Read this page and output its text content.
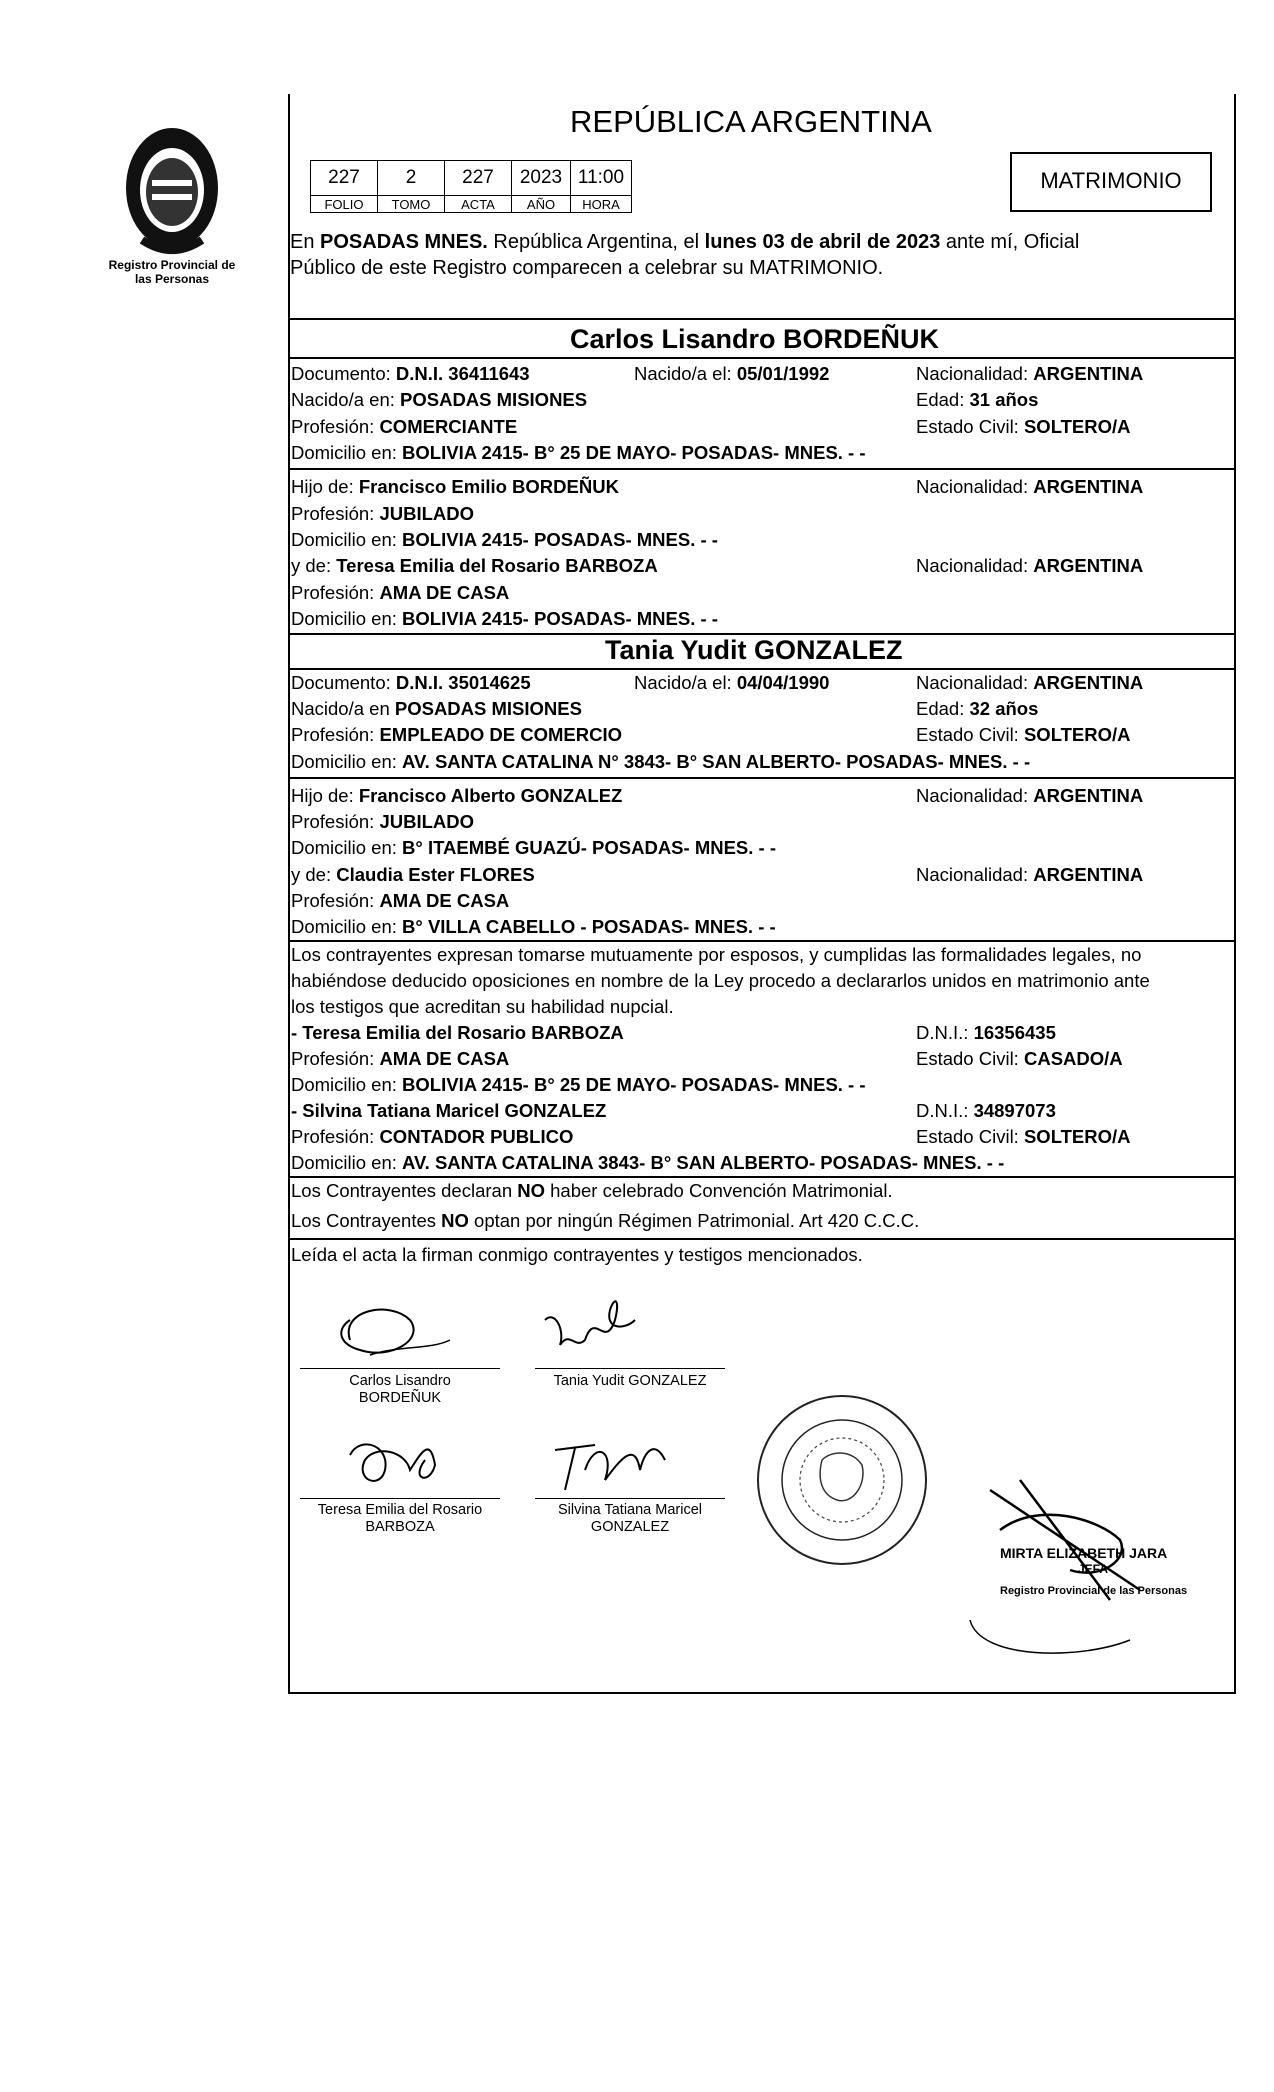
Registro Provincial de las Personas
REPÚBLICA ARGENTINA
227	2	227	2023	11:00
FOLIO	TOMO	ACTA	AÑO	HORA
MATRIMONIO
En POSADAS MNES. República Argentina, el lunes 03 de abril de 2023 ante mí, Oficial
Público de este Registro comparecen a celebrar su MATRIMONIO.
Carlos Lisandro BORDEÑUK
Documento: D.N.I. 36411643	Nacido/a el: 05/01/1992	Nacionalidad: ARGENTINA
Nacido/a en: POSADAS MISIONES	Edad: 31 años
Profesión: COMERCIANTE	Estado Civil: SOLTERO/A
Domicilio en: BOLIVIA 2415- B° 25 DE MAYO- POSADAS- MNES. - -
Hijo de: Francisco Emilio BORDEÑUK	Nacionalidad: ARGENTINA
Profesión: JUBILADO
Domicilio en: BOLIVIA 2415- POSADAS- MNES. - -
y de: Teresa Emilia del Rosario BARBOZA	Nacionalidad: ARGENTINA
Profesión: AMA DE CASA
Domicilio en: BOLIVIA 2415- POSADAS- MNES. - -
Tania Yudit GONZALEZ
Documento: D.N.I. 35014625	Nacido/a el: 04/04/1990	Nacionalidad: ARGENTINA
Nacido/a en POSADAS MISIONES	Edad: 32 años
Profesión: EMPLEADO DE COMERCIO	Estado Civil: SOLTERO/A
Domicilio en: AV. SANTA CATALINA N° 3843- B° SAN ALBERTO- POSADAS- MNES. - -
Hijo de: Francisco Alberto GONZALEZ	Nacionalidad: ARGENTINA
Profesión: JUBILADO
Domicilio en: B° ITAEMBÉ GUAZÚ- POSADAS- MNES. - -
y de: Claudia Ester FLORES	Nacionalidad: ARGENTINA
Profesión: AMA DE CASA
Domicilio en: B° VILLA CABELLO - POSADAS- MNES. - -
Los contrayentes expresan tomarse mutuamente por esposos, y cumplidas las formalidades legales, no
habiéndose deducido oposiciones en nombre de la Ley procedo a declararlos unidos en matrimonio ante
los testigos que acreditan su habilidad nupcial.
- Teresa Emilia del Rosario BARBOZA	D.N.I.: 16356435
Profesión: AMA DE CASA	Estado Civil: CASADO/A
Domicilio en: BOLIVIA 2415- B° 25 DE MAYO- POSADAS- MNES. - -
- Silvina Tatiana Maricel GONZALEZ	D.N.I.: 34897073
Profesión: CONTADOR PUBLICO	Estado Civil: SOLTERO/A
Domicilio en: AV. SANTA CATALINA 3843- B° SAN ALBERTO- POSADAS- MNES. - -
Los Contrayentes declaran NO haber celebrado Convención Matrimonial.
Los Contrayentes NO optan por ningún Régimen Patrimonial. Art 420 C.C.C.
Leída el acta la firman conmigo contrayentes y testigos mencionados.
Carlos Lisandro
BORDEÑUK
Tania Yudit GONZALEZ
Teresa Emilia del Rosario
BARBOZA
Silvina Tatiana Maricel
GONZALEZ
MIRTA ELIZABETH JARA
JEFA
Registro Provincial de las Personas
